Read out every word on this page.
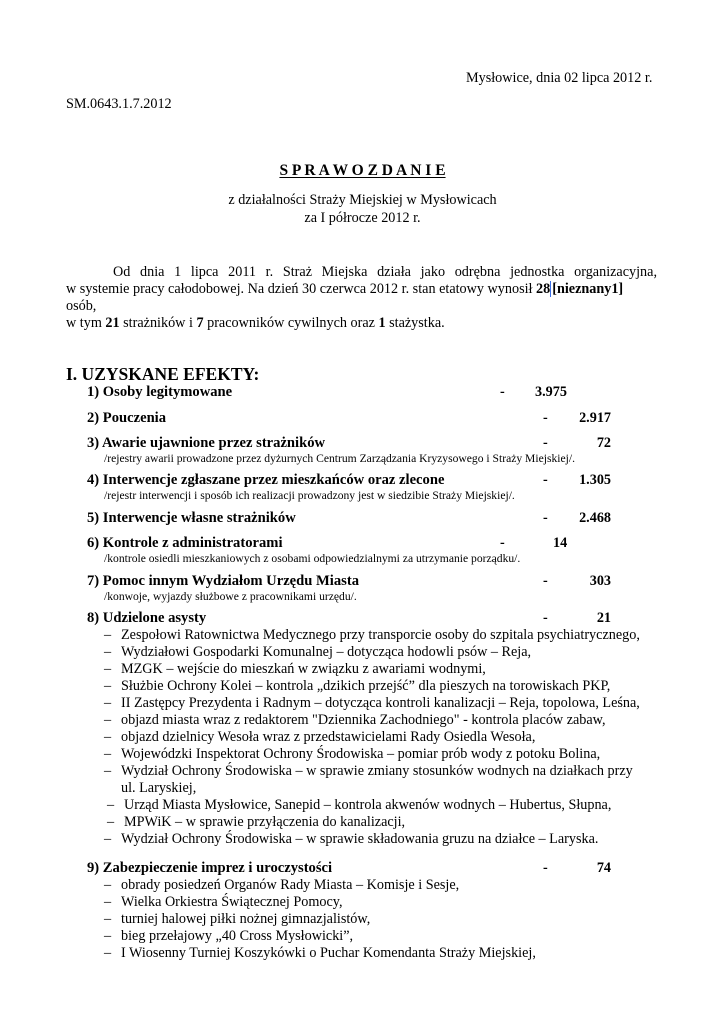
Mysłowice, dnia 02 lipca 2012 r.
SM.0643.1.7.2012
S P R A W O Z D A N I E
z działalności Straży Miejskiej w Mysłowicach
za I półrocze 2012 r.
Od dnia 1 lipca 2011 r. Straż Miejska działa jako odrębna jednostka organizacyjna,
w systemie pracy całodobowej. Na dzień 30 czerwca 2012 r. stan etatowy wynosił 28 [nieznany1]
osób,
w tym 21 strażników i 7 pracowników cywilnych oraz 1 stażystka.
I. UZYSKANE EFEKTY:
1) Osoby legitymowane	- 3.975
2) Pouczenia	- 2.917
3) Awarie ujawnione przez strażników	-	72
/rejestry awarii prowadzone przez dyżurnych Centrum Zarządzania Kryzysowego i Straży Miejskiej/.
4) Interwencje zgłaszane przez mieszkańców oraz zlecone	- 1.305
/rejestr interwencji i sposób ich realizacji prowadzony jest w siedzibie Straży Miejskiej/.
5) Interwencje własne strażników	- 2.468
6) Kontrole z administratorami	-	14
/kontrole osiedli mieszkaniowych z osobami odpowiedzialnymi za utrzymanie porządku/.
7) Pomoc innym Wydziałom Urzędu Miasta	-	303
/konwoje, wyjazdy służbowe z pracownikami urzędu/.
8) Udzielone asysty	-	21
‒ Zespołowi Ratownictwa Medycznego przy transporcie osoby do szpitala psychiatrycznego,
‒ Wydziałowi Gospodarki Komunalnej – dotycząca hodowli psów – Reja,
‒ MZGK – wejście do mieszkań w związku z awariami wodnymi,
‒ Służbie Ochrony Kolei – kontrola „dzikich przejść” dla pieszych na torowiskach PKP,
‒ II Zastępcy Prezydenta i Radnym – dotycząca kontroli kanalizacji – Reja, topolowa, Leśna,
‒ objazd miasta wraz z redaktorem "Dziennika Zachodniego" - kontrola placów zabaw,
‒ objazd dzielnicy Wesoła wraz z przedstawicielami Rady Osiedla Wesoła,
‒ Wojewódzki Inspektorat Ochrony Środowiska – pomiar prób wody z potoku Bolina,
‒ Wydział Ochrony Środowiska – w sprawie zmiany stosunków wodnych na działkach przy
ul. Laryskiej,
‒ Urząd Miasta Mysłowice, Sanepid – kontrola akwenów wodnych – Hubertus, Słupna,
‒ MPWiK – w sprawie przyłączenia do kanalizacji,
‒ Wydział Ochrony Środowiska – w sprawie składowania gruzu na działce – Laryska.
9) Zabezpieczenie imprez i uroczystości	-	74
‒ obrady posiedzeń Organów Rady Miasta – Komisje i Sesje,
‒ Wielka Orkiestra Świątecznej Pomocy,
‒ turniej halowej piłki nożnej gimnazjalistów,
‒ bieg przełajowy „40 Cross Mysłowicki”,
‒ I Wiosenny Turniej Koszykówki o Puchar Komendanta Straży Miejskiej,
